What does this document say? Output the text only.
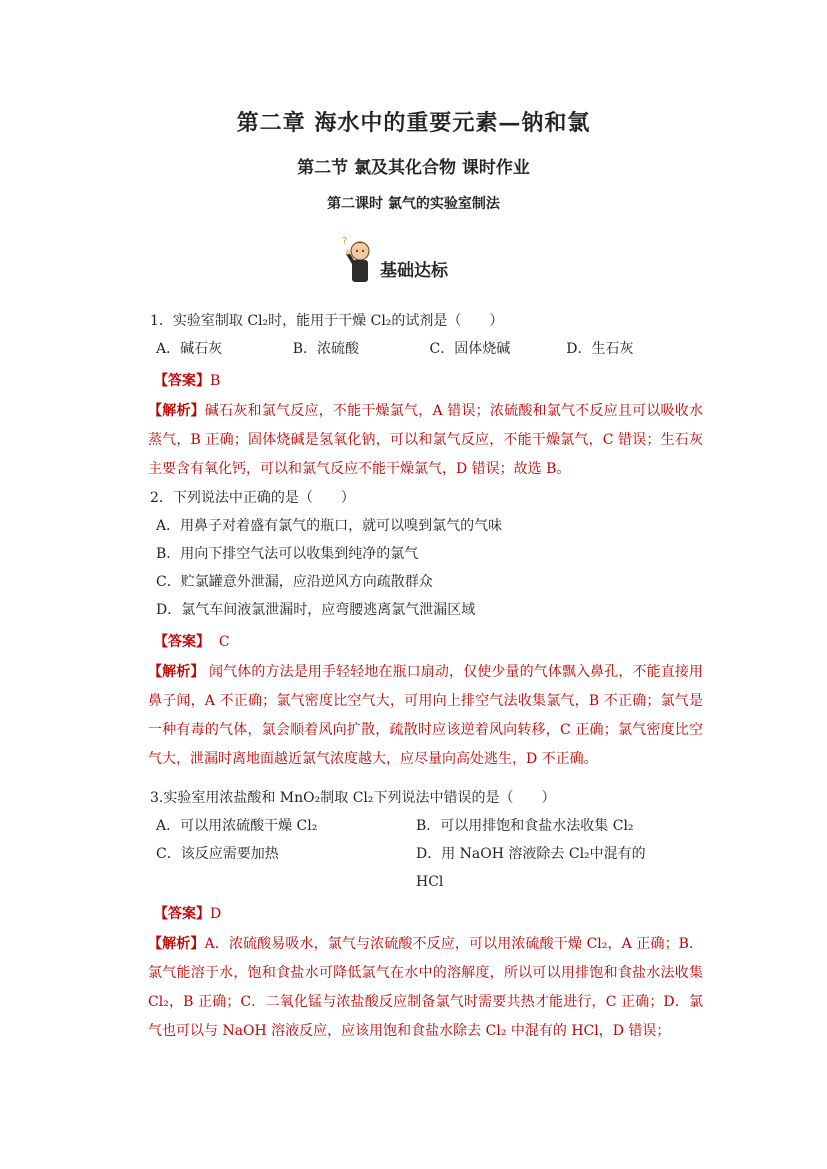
第二章 海水中的重要元素—钠和氯
第二节 氯及其化合物 课时作业
第二课时 氯气的实验室制法
?
基础达标
1．实验室制取 Cl₂时，能用于干燥 Cl₂的试剂是（　　）
A．碱石灰	B．浓硫酸	C．固体烧碱	D．生石灰
【答案】B
【解析】碱石灰和氯气反应，不能干燥氯气，A 错误；浓硫酸和氯气不反应且可以吸收水蒸气，B 正确；固体烧碱是氢氧化钠，可以和氯气反应，不能干燥氯气，C 错误；生石灰主要含有氧化钙，可以和氯气反应不能干燥氯气，D 错误；故选 B。
2．下列说法中正确的是（　　）
A．用鼻子对着盛有氯气的瓶口，就可以嗅到氯气的气味
B．用向下排空气法可以收集到纯净的氯气
C．贮氯罐意外泄漏，应沿逆风方向疏散群众
D．氯气车间液氯泄漏时，应弯腰逃离氯气泄漏区域
【答案】  C
【解析】 闻气体的方法是用手轻轻地在瓶口扇动，仅使少量的气体飘入鼻孔，不能直接用鼻子闻，A 不正确；氯气密度比空气大，可用向上排空气法收集氯气，B 不正确；氯气是一种有毒的气体，氯会顺着风向扩散，疏散时应该逆着风向转移，C 正确；氯气密度比空气大，泄漏时离地面越近氯气浓度越大，应尽量向高处逃生，D 不正确。
3.实验室用浓盐酸和 MnO₂制取 Cl₂下列说法中错误的是（　　）
A．可以用浓硫酸干燥 Cl₂	B．可以用排饱和食盐水法收集 Cl₂
C．该反应需要加热	D．用 NaOH 溶液除去 Cl₂中混有的 HCl
【答案】D
【解析】A．浓硫酸易吸水，氯气与浓硫酸不反应，可以用浓硫酸干燥 Cl₂，A 正确；B．氯气能溶于水，饱和食盐水可降低氯气在水中的溶解度，所以可以用排饱和食盐水法收集 Cl₂，B 正确；C．二氧化锰与浓盐酸反应制备氯气时需要共热才能进行，C 正确；D．氯气也可以与 NaOH 溶液反应，应该用饱和食盐水除去 Cl₂ 中混有的 HCl，D 错误；
